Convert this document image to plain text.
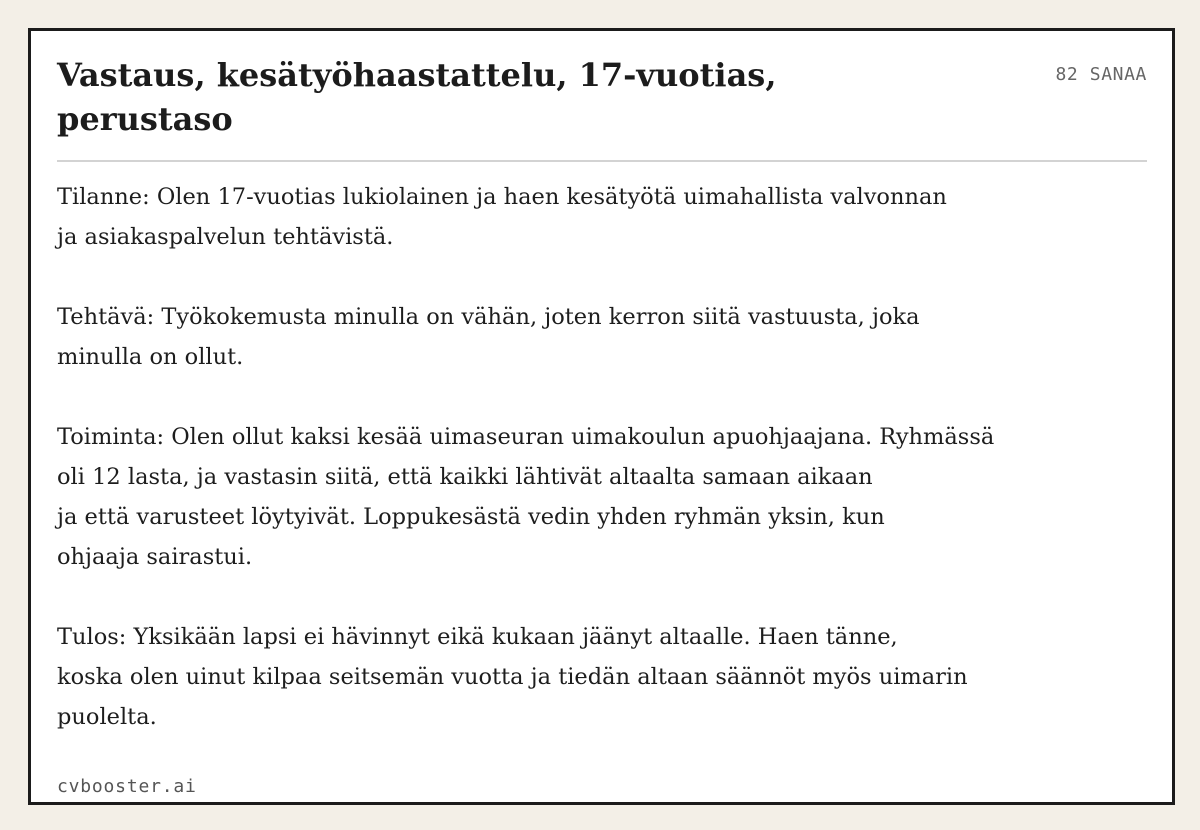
Vastaus, kesätyöhaastattelu, 17-vuotias,
perustaso
82 SANAA

Tilanne: Olen 17-vuotias lukiolainen ja haen kesätyötä uimahallista valvonnan
ja asiakaspalvelun tehtävistä.

Tehtävä: Työkokemusta minulla on vähän, joten kerron siitä vastuusta, joka
minulla on ollut.

Toiminta: Olen ollut kaksi kesää uimaseuran uimakoulun apuohjaajana. Ryhmässä
oli 12 lasta, ja vastasin siitä, että kaikki lähtivät altaalta samaan aikaan
ja että varusteet löytyivät. Loppukesästä vedin yhden ryhmän yksin, kun
ohjaaja sairastui.

Tulos: Yksikään lapsi ei hävinnyt eikä kukaan jäänyt altaalle. Haen tänne,
koska olen uinut kilpaa seitsemän vuotta ja tiedän altaan säännöt myös uimarin
puolelta.

cvbooster.ai
